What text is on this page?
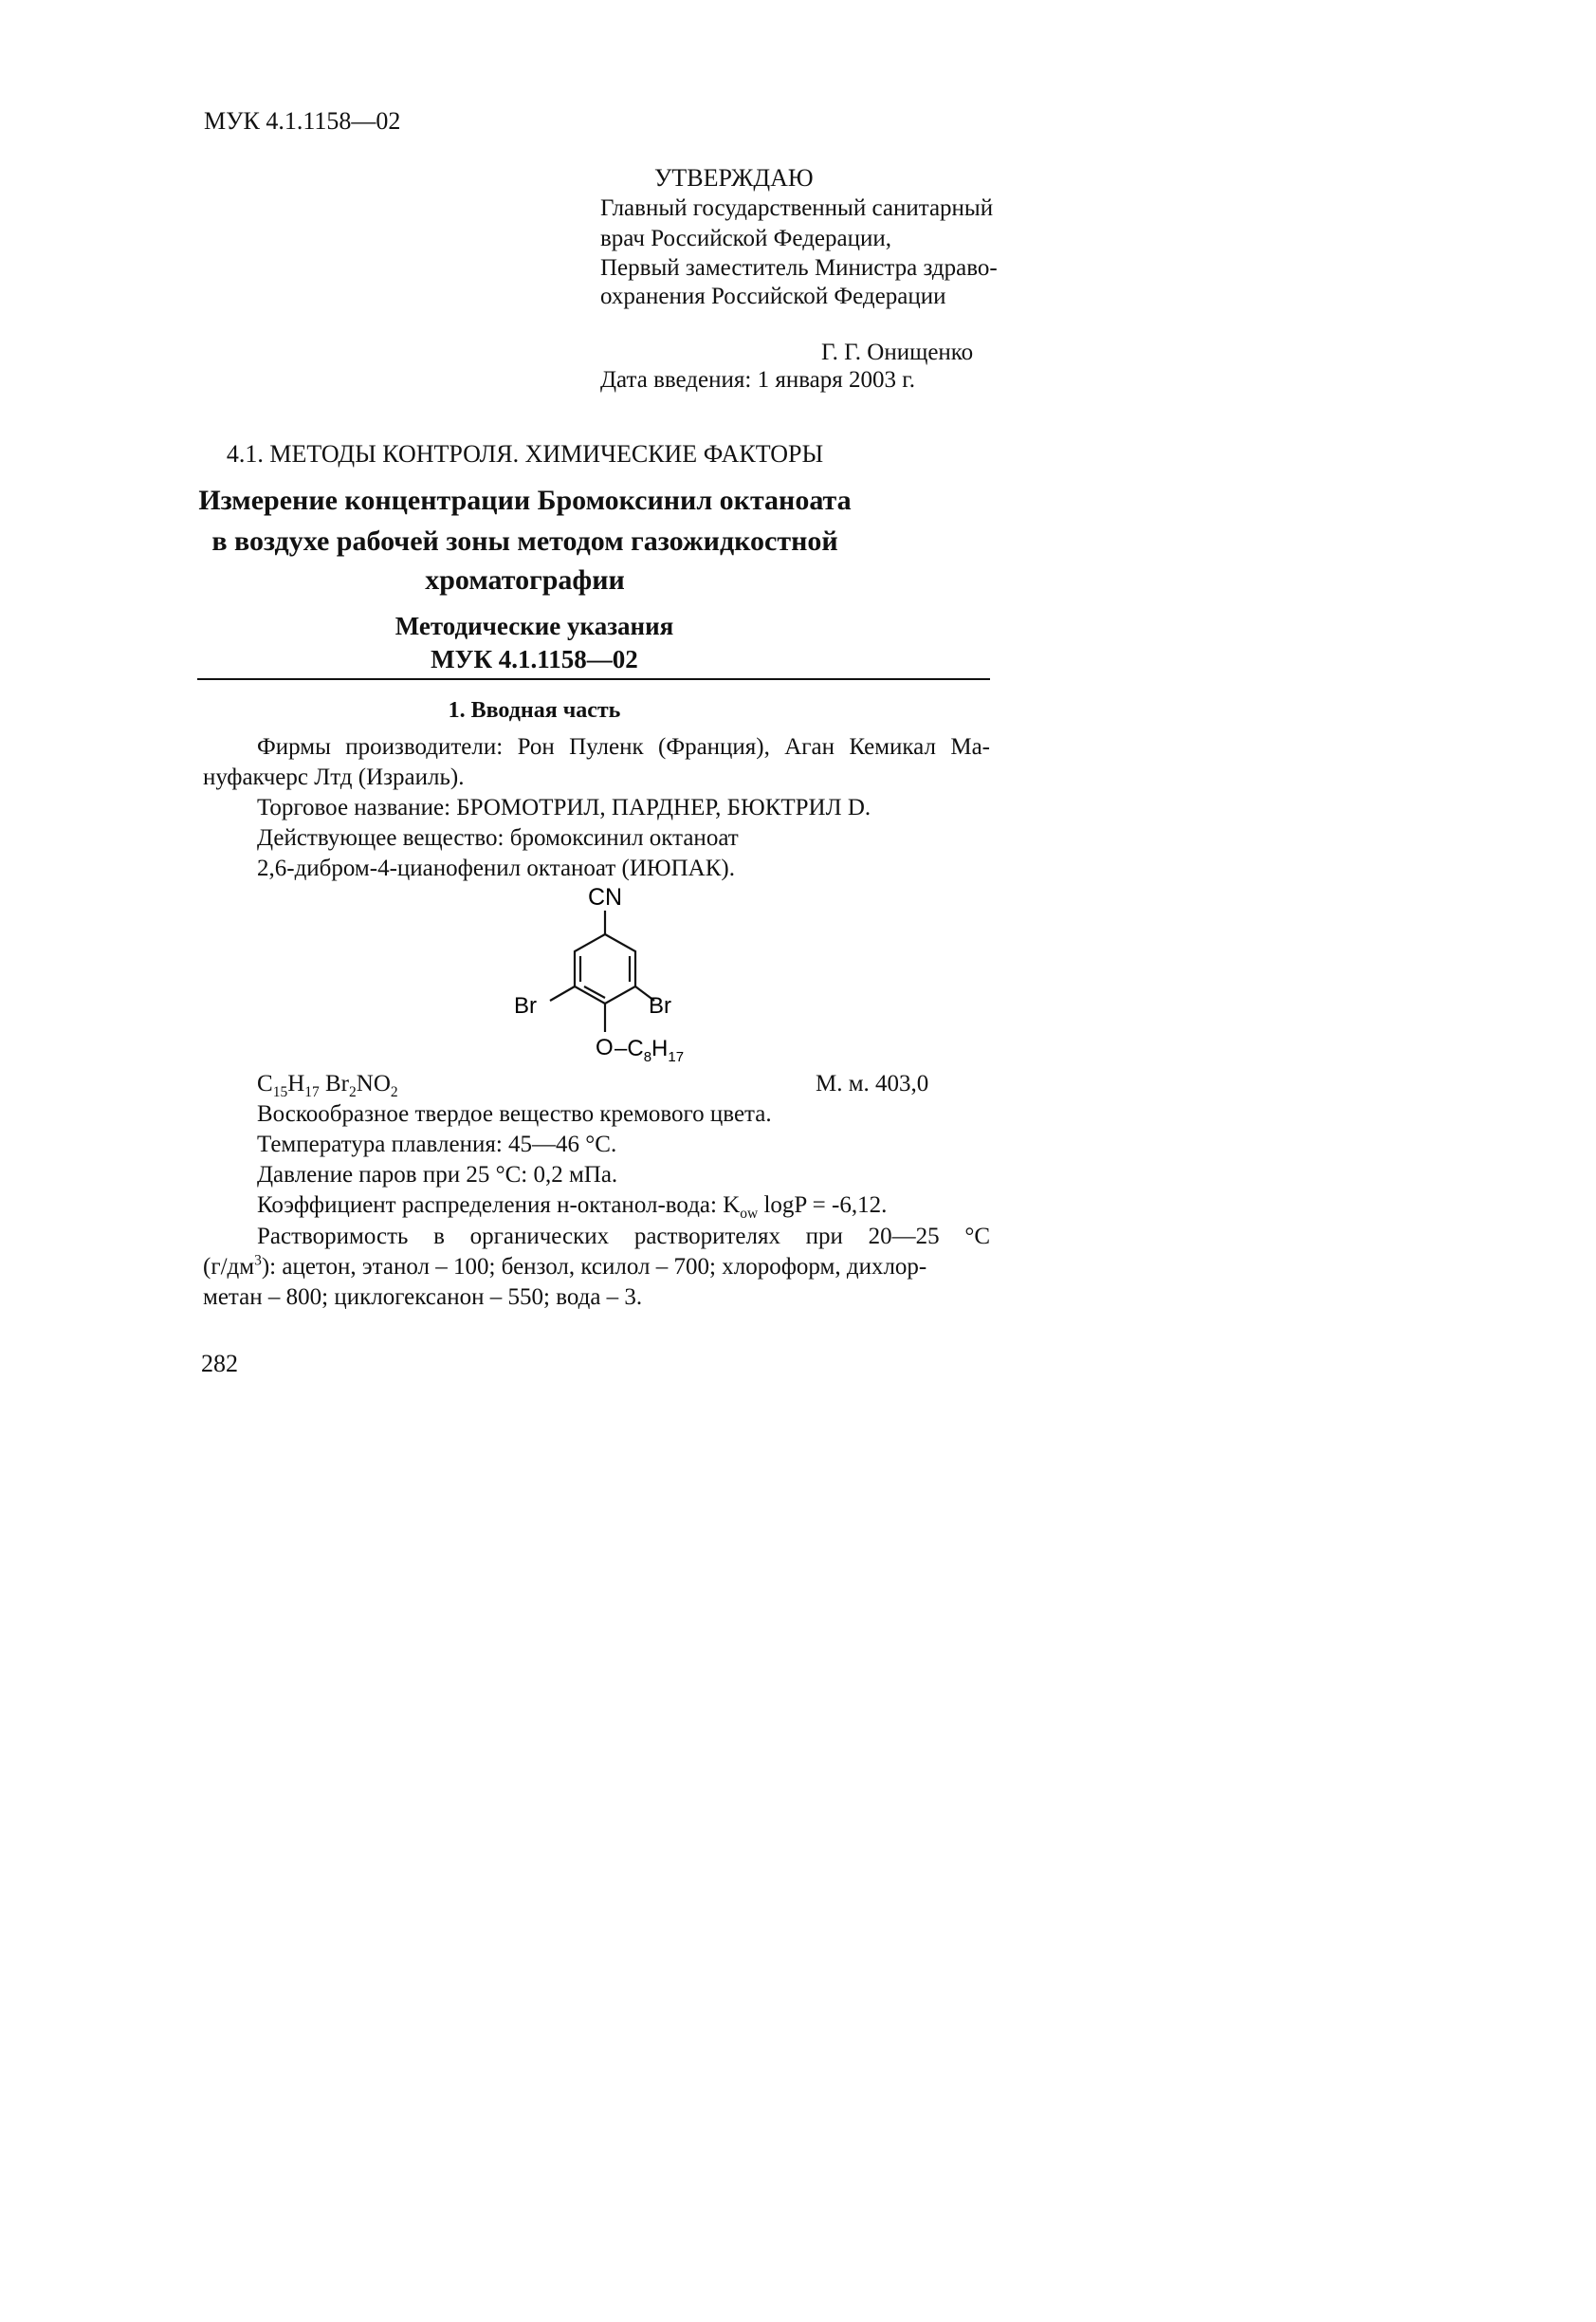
МУК 4.1.1158—02

УТВЕРЖДАЮ

Главный государственный санитарный

врач Российской Федерации,

Первый заместитель Министра здраво-

охранения Российской Федерации

Г. Г. Онищенко

Дата введения: 1 января 2003 г.

4.1. МЕТОДЫ КОНТРОЛЯ. ХИМИЧЕСКИЕ ФАКТОРЫ

Измерение концентрации Бромоксинил октаноата

в воздухе рабочей зоны методом газожидкостной

хроматографии

Методические указания

МУК 4.1.1158—02

1. Вводная часть

Фирмы производители: Рон Пуленк (Франция), Аган Кемикал Ма-

нуфакчерс Лтд (Израиль).

Торговое название: БРОМОТРИЛ, ПАРДНЕР, БЮКТРИЛ D.

Действующее вещество: бромоксинил октаноат

2,6-дибром-4-цианофенил октаноат (ИЮПАК).

CN
Br	Br
O $-C_8H_{17}$

$C_{15}H_{17}$ $Br_2NO_2$	М. м. 403,0

Воскообразное твердое вещество кремового цвета.

Температура плавления: 45—46 °С.

Давление паров при 25 °С: 0,2 мПа.

Коэффициент распределения н-октанол-вода: $K_{ow}$ logP = -6,12.

Растворимость в органических растворителях при 20—25 °С

$(г/дм^3)$: ацетон, этанол – 100; бензол, ксилол – 700; хлороформ, дихлор-

метан – 800; циклогексанон – 550; вода – 3.

282
